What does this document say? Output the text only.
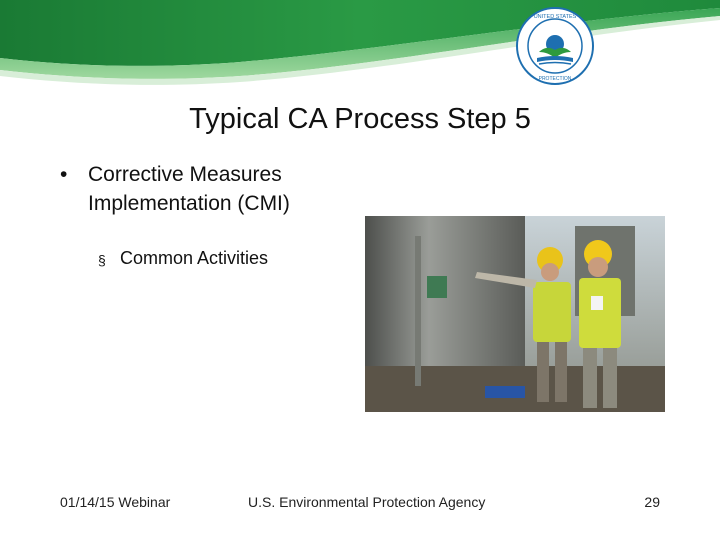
UNITED STATES
PROTECTION
Typical CA Process Step 5
• Corrective Measures Implementation (CMI)
§ Common Activities
01/14/15 Webinar	U.S. Environmental Protection Agency	29
